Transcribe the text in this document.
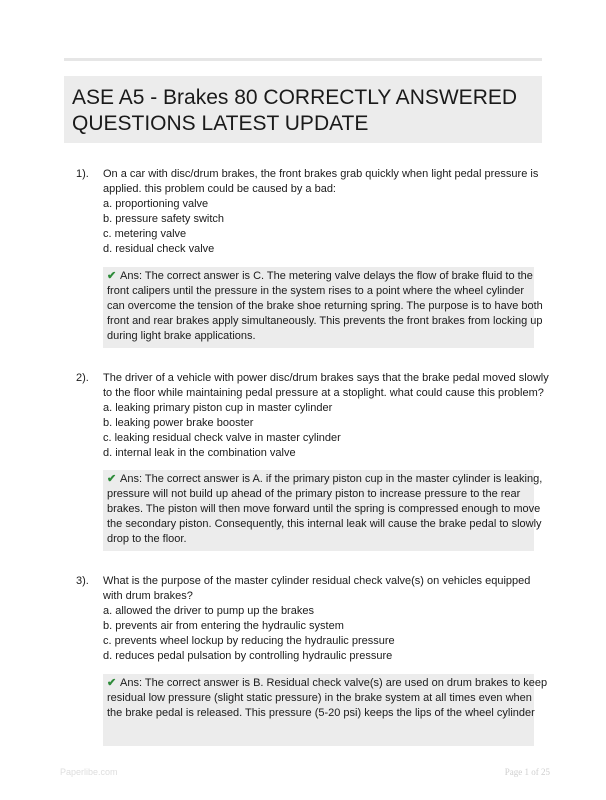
ASE A5 - Brakes 80 CORRECTLY ANSWERED
QUESTIONS LATEST UPDATE
1). On a car with disc/drum brakes, the front brakes grab quickly when light pedal pressure is
applied. this problem could be caused by a bad:
a. proportioning valve
b. pressure safety switch
c. metering valve
d. residual check valve
✔ Ans: The correct answer is C. The metering valve delays the flow of brake fluid to the
front calipers until the pressure in the system rises to a point where the wheel cylinder
can overcome the tension of the brake shoe returning spring. The purpose is to have both
front and rear brakes apply simultaneously. This prevents the front brakes from locking up
during light brake applications.
2). The driver of a vehicle with power disc/drum brakes says that the brake pedal moved slowly
to the floor while maintaining pedal pressure at a stoplight. what could cause this problem?
a. leaking primary piston cup in master cylinder
b. leaking power brake booster
c. leaking residual check valve in master cylinder
d. internal leak in the combination valve
✔ Ans: The correct answer is A. if the primary piston cup in the master cylinder is leaking,
pressure will not build up ahead of the primary piston to increase pressure to the rear
brakes. The piston will then move forward until the spring is compressed enough to move
the secondary piston. Consequently, this internal leak will cause the brake pedal to slowly
drop to the floor.
3). What is the purpose of the master cylinder residual check valve(s) on vehicles equipped
with drum brakes?
a. allowed the driver to pump up the brakes
b. prevents air from entering the hydraulic system
c. prevents wheel lockup by reducing the hydraulic pressure
d. reduces pedal pulsation by controlling hydraulic pressure
✔ Ans: The correct answer is B. Residual check valve(s) are used on drum brakes to keep
residual low pressure (slight static pressure) in the brake system at all times even when
the brake pedal is released. This pressure (5-20 psi) keeps the lips of the wheel cylinder
Paperlibe.com	Page 1 of 25
